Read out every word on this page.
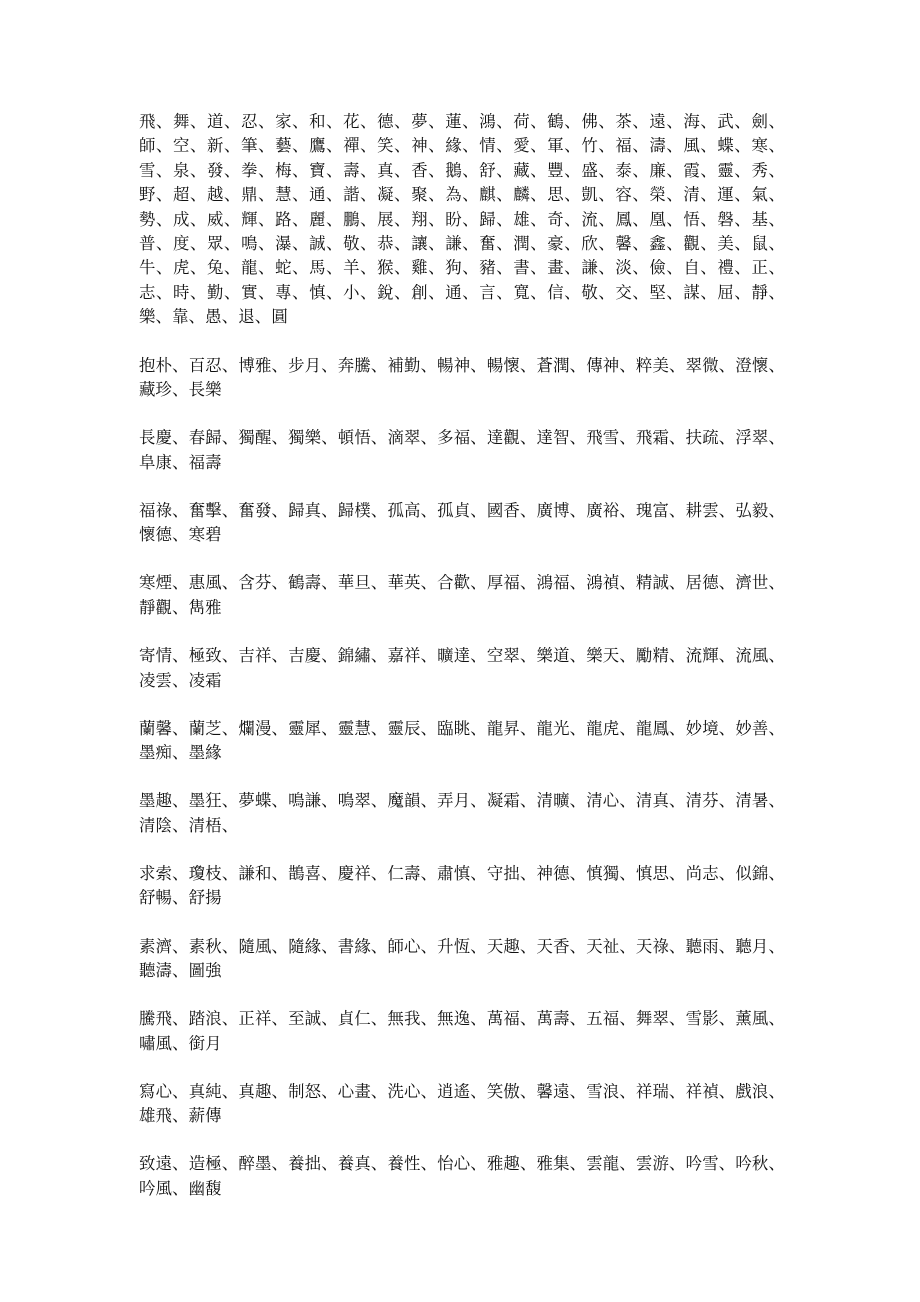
飛、舞、道、忍、家、和、花、德、夢、蓮、鴻、荷、鶴、佛、茶、遠、海、武、劍、師、空、新、筆、藝、鷹、禪、笑、神、緣、情、愛、軍、竹、福、濤、風、蝶、寒、雪、泉、發、拳、梅、寶、壽、真、香、鵝、舒、藏、豐、盛、泰、廉、霞、靈、秀、野、超、越、鼎、慧、通、諧、凝、聚、為、麒、麟、思、凱、容、榮、清、運、氣、勢、成、威、輝、路、麗、鵬、展、翔、盼、歸、雄、奇、流、鳳、凰、悟、磐、基、普、度、眾、鳴、瀑、誠、敬、恭、讓、謙、奮、潤、豪、欣、馨、鑫、觀、美、鼠、牛、虎、兔、龍、蛇、馬、羊、猴、雞、狗、豬、書、畫、謙、淡、儉、自、禮、正、志、時、勤、實、專、慎、小、銳、創、通、言、寬、信、敬、交、堅、謀、屈、靜、樂、靠、愚、退、圓

抱朴、百忍、博雅、步月、奔騰、補勤、暢神、暢懷、蒼潤、傳神、粹美、翠微、澄懷、藏珍、長樂

長慶、春歸、獨醒、獨樂、頓悟、滴翠、多福、達觀、達智、飛雪、飛霜、扶疏、浮翠、阜康、福壽

福祿、奮擊、奮發、歸真、歸樸、孤高、孤貞、國香、廣博、廣裕、瑰富、耕雲、弘毅、懷德、寒碧

寒煙、惠風、含芬、鶴壽、華旦、華英、合歡、厚福、鴻福、鴻禎、精誠、居德、濟世、靜觀、雋雅

寄情、極致、吉祥、吉慶、錦繡、嘉祥、曠達、空翠、樂道、樂天、勵精、流輝、流風、凌雲、凌霜

蘭馨、蘭芝、爛漫、靈犀、靈慧、靈辰、臨眺、龍昇、龍光、龍虎、龍鳳、妙境、妙善、墨痴、墨緣

墨趣、墨狂、夢蝶、鳴謙、鳴翠、魔韻、弄月、凝霜、清曠、清心、清真、清芬、清暑、清陰、清梧、

求索、瓊枝、謙和、鵲喜、慶祥、仁壽、肅慎、守拙、神德、慎獨、慎思、尚志、似錦、舒暢、舒揚

素濟、素秋、隨風、隨緣、書緣、師心、升恆、天趣、天香、天祉、天祿、聽雨、聽月、聽濤、圖強

騰飛、踏浪、正祥、至誠、貞仁、無我、無逸、萬福、萬壽、五福、舞翠、雪影、薰風、嘯風、銜月

寫心、真純、真趣、制怒、心畫、洗心、逍遙、笑傲、馨遠、雪浪、祥瑞、祥禎、戲浪、雄飛、薪傳

致遠、造極、醉墨、養拙、養真、養性、怡心、雅趣、雅集、雲龍、雲游、吟雪、吟秋、吟風、幽馥
